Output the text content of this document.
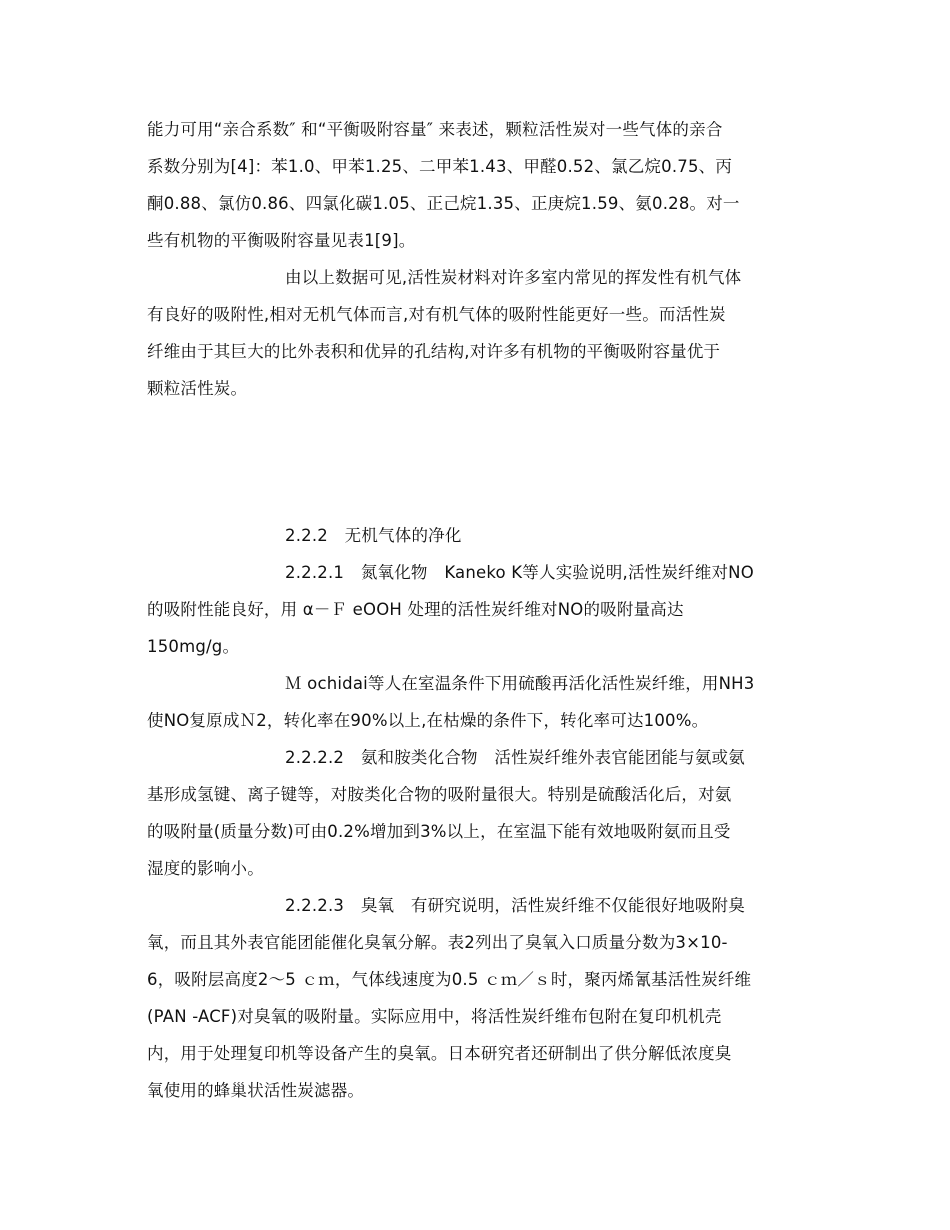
能力可用“亲合系数″ 和“平衡吸附容量″ 来表述，颗粒活性炭对一些气体的亲合
系数分别为[4]：苯1.0、甲苯1.25、二甲苯1.43、甲醛0.52、氯乙烷0.75、丙
酮0.88、氯仿0.86、四氯化碳1.05、正己烷1.35、正庚烷1.59、氨0.28。对一
些有机物的平衡吸附容量见表1[9]。
由以上数据可见,活性炭材料对许多室内常见的挥发性有机气体
有良好的吸附性,相对无机气体而言,对有机气体的吸附性能更好一些。而活性炭
纤维由于其巨大的比外表积和优异的孔结构,对许多有机物的平衡吸附容量优于
颗粒活性炭。
2.2.2　无机气体的净化
2.2.2.1　氮氧化物　Kaneko K等人实验说明,活性炭纤维对NO
的吸附性能良好，用 α－Ｆ eOOH 处理的活性炭纤维对NO的吸附量高达
150mg/g。
Ｍ ochidai等人在室温条件下用硫酸再活化活性炭纤维，用NH3
使NO复原成Ｎ2，转化率在90%以上,在枯燥的条件下，转化率可达100%。
2.2.2.2　氨和胺类化合物　活性炭纤维外表官能团能与氨或氨
基形成氢键、离子键等，对胺类化合物的吸附量很大。特别是硫酸活化后，对氨
的吸附量(质量分数)可由0.2%增加到3%以上，在室温下能有效地吸附氨而且受
湿度的影响小。
2.2.2.3　臭氧　有研究说明，活性炭纤维不仅能很好地吸附臭
氧，而且其外表官能团能催化臭氧分解。表2列出了臭氧入口质量分数为3×10-
6，吸附层高度2～5 ｃｍ，气体线速度为0.5 ｃｍ／ｓ时，聚丙烯氰基活性炭纤维
(PAN -ACF)对臭氧的吸附量。实际应用中，将活性炭纤维布包附在复印机机壳
内，用于处理复印机等设备产生的臭氧。日本研究者还研制出了供分解低浓度臭
氧使用的蜂巢状活性炭滤器。
